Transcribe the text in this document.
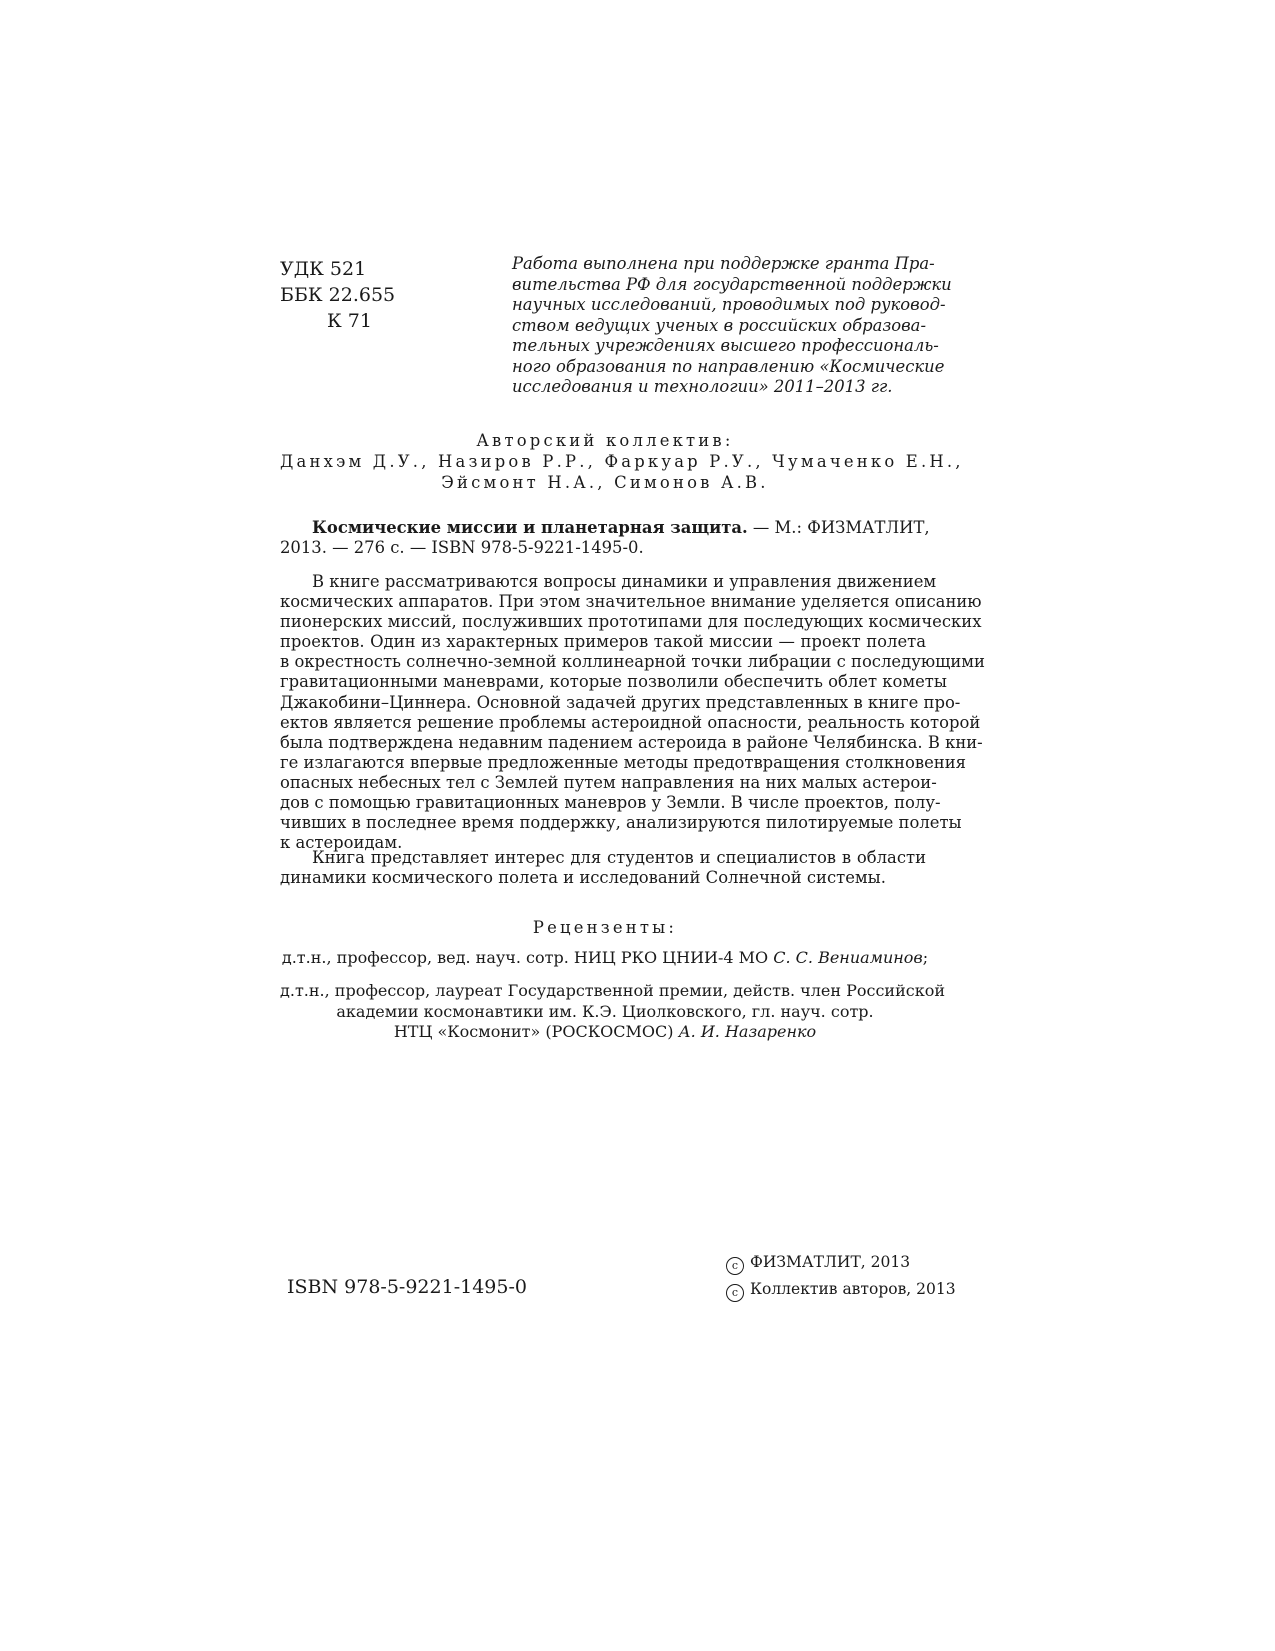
УДК 521
ББК 22.655
К 71
Работа выполнена при поддержке гранта Пра-
вительства РФ для государственной поддержки
научных исследований, проводимых под руковод-
ством ведущих ученых в российских образова-
тельных учреждениях высшего профессиональ-
ного образования по направлению «Космические
исследования и технологии» 2011–2013 гг.
Авторский коллектив:
Данхэм Д.У., Назиров Р.Р., Фаркуар Р.У., Чумаченко Е.Н.,
Эйсмонт Н.А., Симонов А.В.
Космические миссии и планетарная защита. — М.: ФИЗМАТЛИТ,
2013. — 276 с. — ISBN 978-5-9221-1495-0.
В книге рассматриваются вопросы динамики и управления движением
космических аппаратов. При этом значительное внимание уделяется описанию
пионерских миссий, послуживших прототипами для последующих космических
проектов. Один из характерных примеров такой миссии — проект полета
в окрестность солнечно-земной коллинеарной точки либрации с последующими
гравитационными маневрами, которые позволили обеспечить облет кометы
Джакобини–Циннера. Основной задачей других представленных в книге про-
ектов является решение проблемы астероидной опасности, реальность которой
была подтверждена недавним падением астероида в районе Челябинска. В кни-
ге излагаются впервые предложенные методы предотвращения столкновения
опасных небесных тел с Землей путем направления на них малых астерои-
дов с помощью гравитационных маневров у Земли. В числе проектов, полу-
чивших в последнее время поддержку, анализируются пилотируемые полеты
к астероидам.
Книга представляет интерес для студентов и специалистов в области
динамики космического полета и исследований Солнечной системы.
Рецензенты:
д.т.н., профессор, вед. науч. сотр. НИЦ РКО ЦНИИ-4 МО С. С. Вениаминов;
д.т.н., профессор, лауреат Государственной премии, действ. член Российской
академии космонавтики им. К.Э. Циолковского, гл. науч. сотр.
НТЦ «Космонит» (РОСКОСМОС) А. И. Назаренко
ISBN 978-5-9221-1495-0
c ФИЗМАТЛИТ, 2013
c Коллектив авторов, 2013
